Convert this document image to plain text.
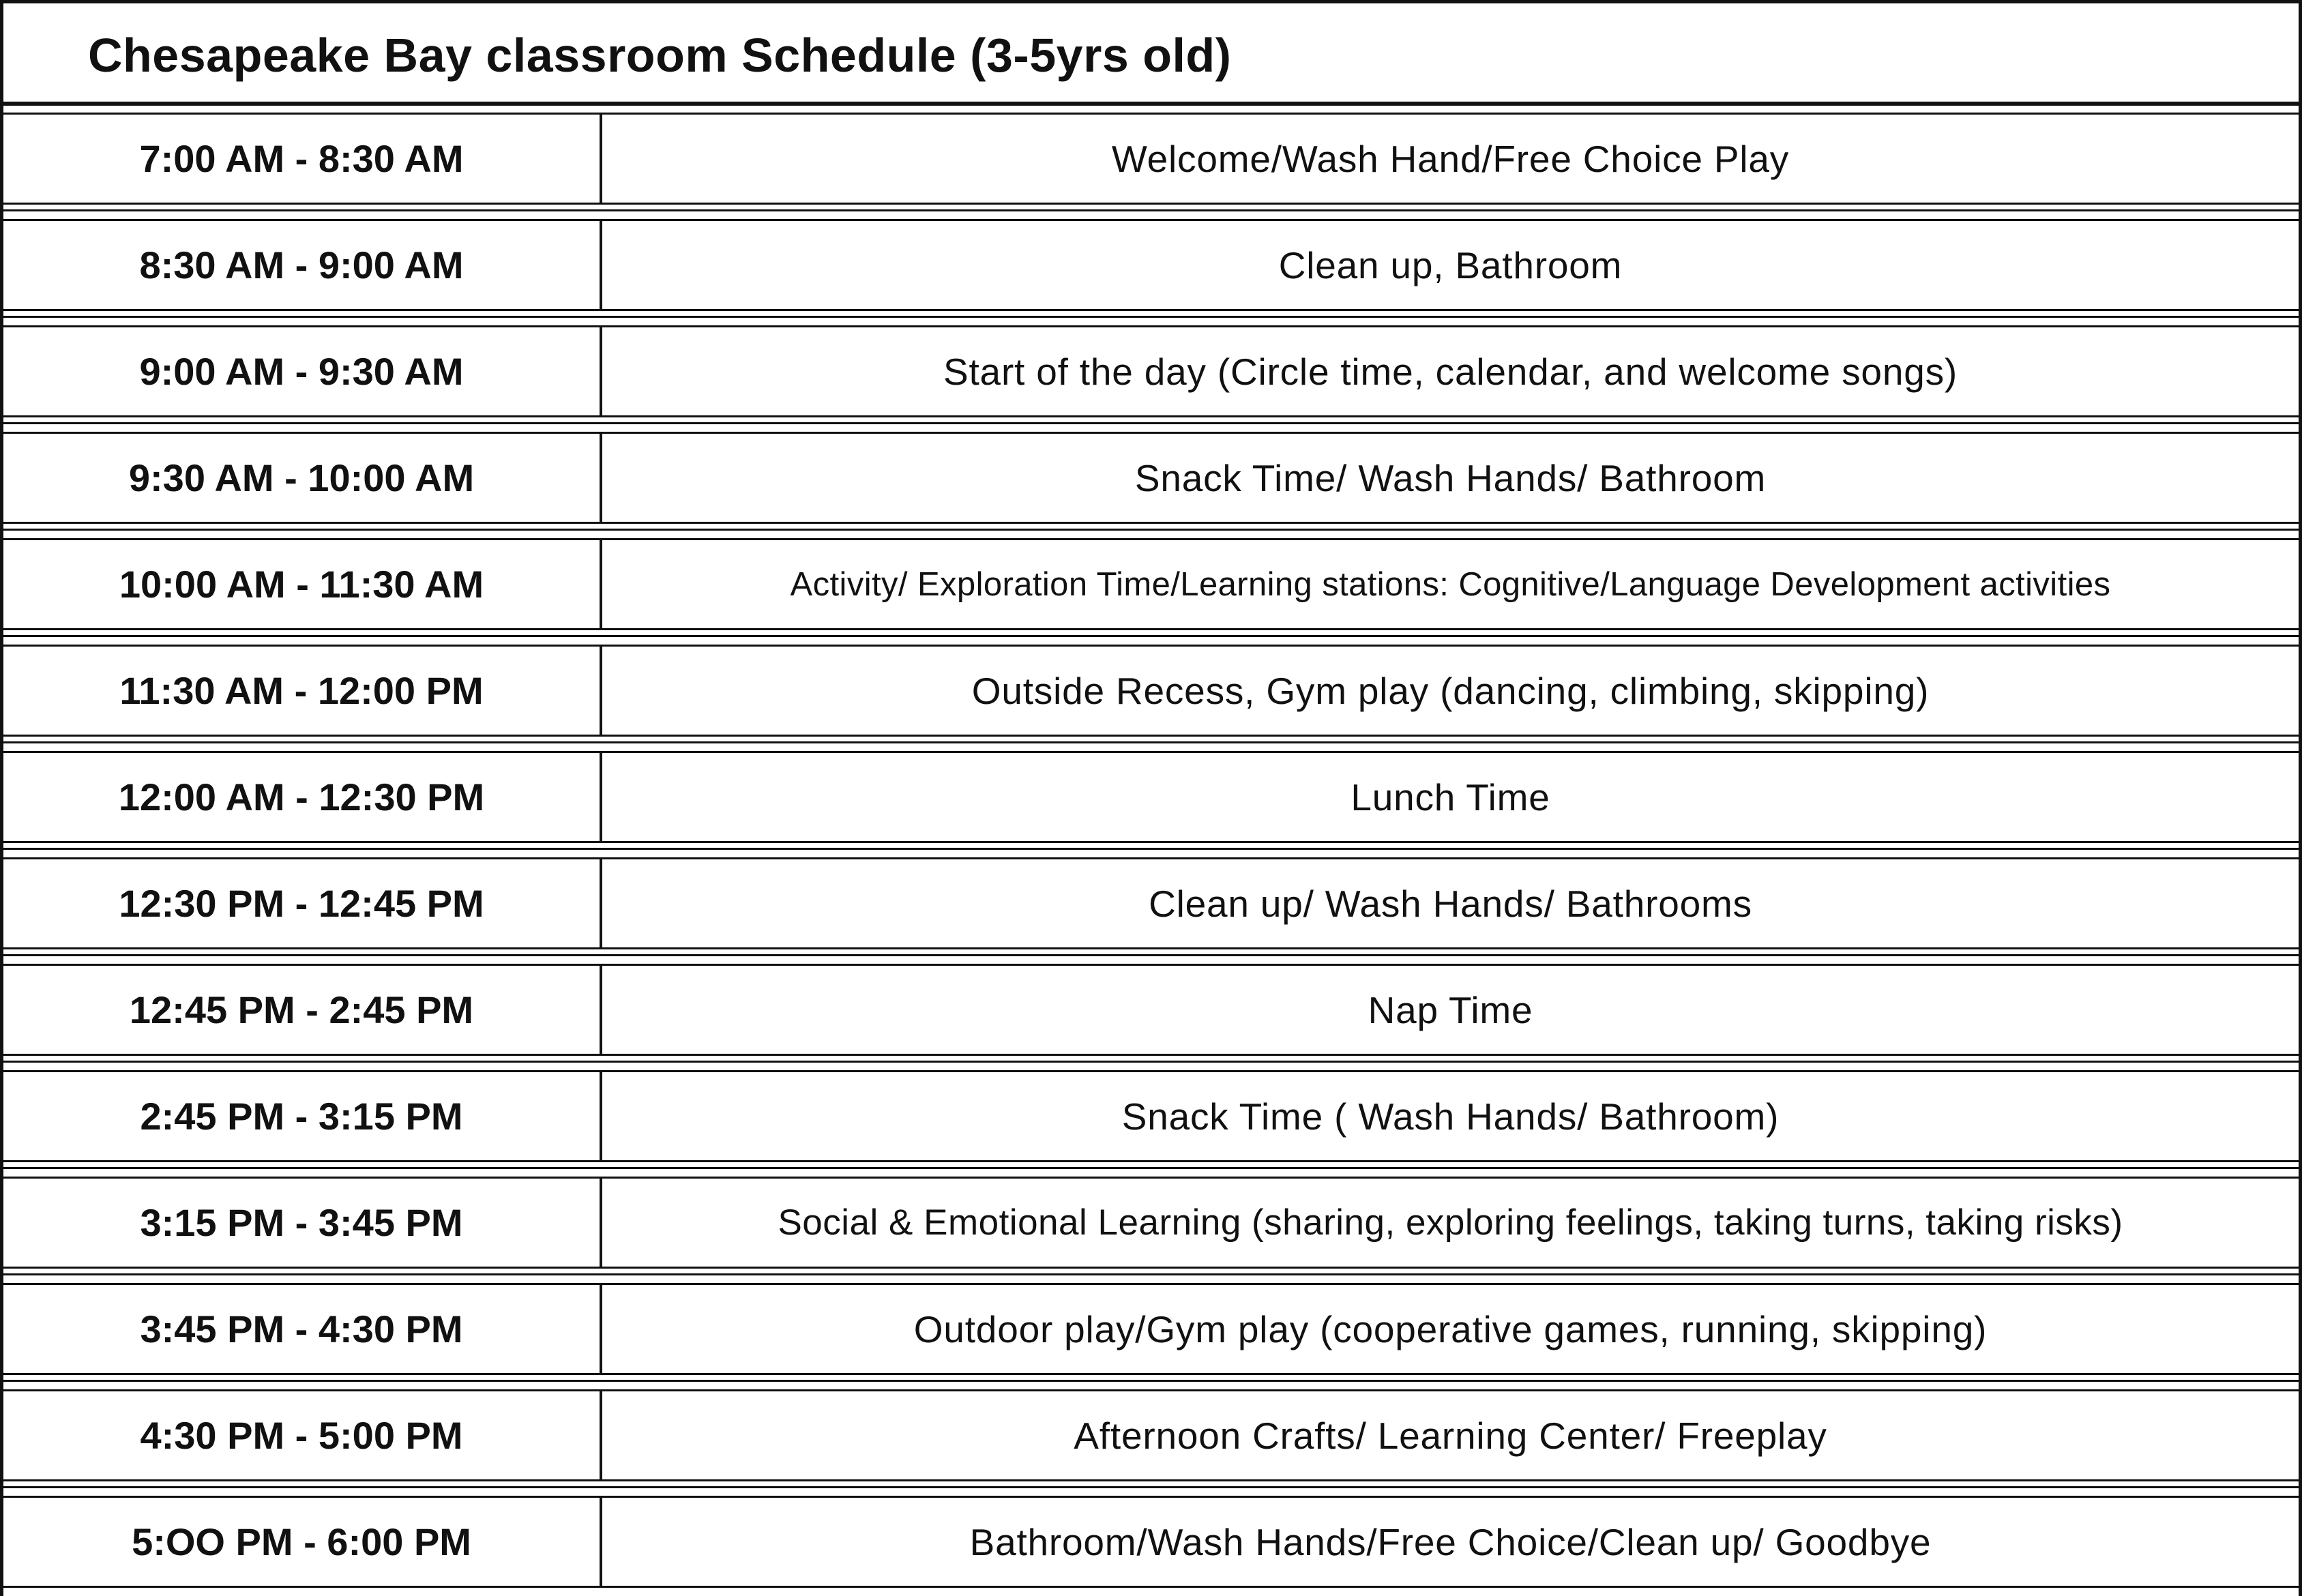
Chesapeake Bay classroom Schedule (3-5yrs old)
7:00 AM - 8:30 AM	Welcome/Wash Hand/Free Choice Play
8:30 AM - 9:00 AM	Clean up, Bathroom
9:00 AM - 9:30 AM	Start of the day (Circle time, calendar, and welcome songs)
9:30 AM - 10:00 AM	Snack Time/ Wash Hands/ Bathroom
10:00 AM - 11:30 AM	Activity/ Exploration Time/Learning stations: Cognitive/Language Development activities
11:30 AM - 12:00 PM	Outside Recess, Gym play (dancing, climbing, skipping)
12:00 AM - 12:30 PM	Lunch Time
12:30 PM - 12:45 PM	Clean up/ Wash Hands/ Bathrooms
12:45 PM - 2:45 PM	Nap Time
2:45 PM - 3:15 PM	Snack Time ( Wash Hands/ Bathroom)
3:15 PM - 3:45 PM	Social & Emotional Learning (sharing, exploring feelings, taking turns, taking risks)
3:45 PM - 4:30 PM	Outdoor play/Gym play (cooperative games, running, skipping)
4:30 PM - 5:00 PM	Afternoon Crafts/ Learning Center/ Freeplay
5:OO PM - 6:00 PM	Bathroom/Wash Hands/Free Choice/Clean up/ Goodbye
